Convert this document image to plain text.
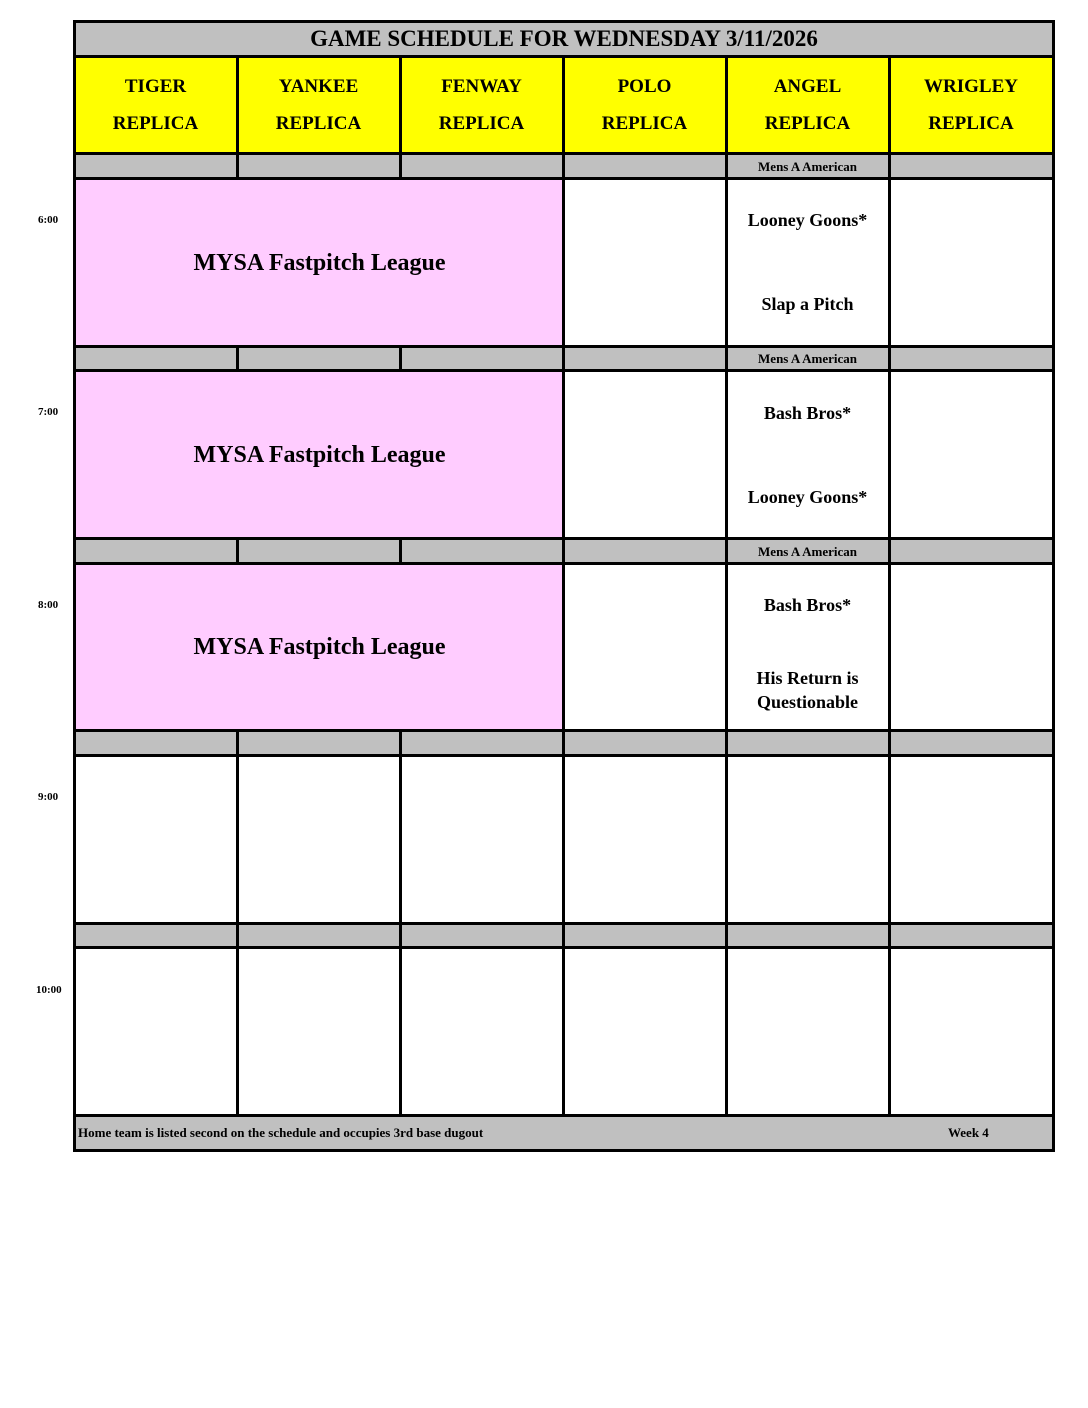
GAME SCHEDULE FOR WEDNESDAY 3/11/2026
TIGER
REPLICA
YANKEE
REPLICA
FENWAY
REPLICA
POLO
REPLICA
ANGEL
REPLICA
WRIGLEY
REPLICA
Mens A American
6:00
MYSA Fastpitch League
Looney Goons*
Slap a Pitch
Mens A American
7:00
MYSA Fastpitch League
Bash Bros*
Looney Goons*
Mens A American
8:00
MYSA Fastpitch League
Bash Bros*
His Return is
Questionable
9:00
10:00
Home team is listed second on the schedule and occupies 3rd base dugout	Week 4
